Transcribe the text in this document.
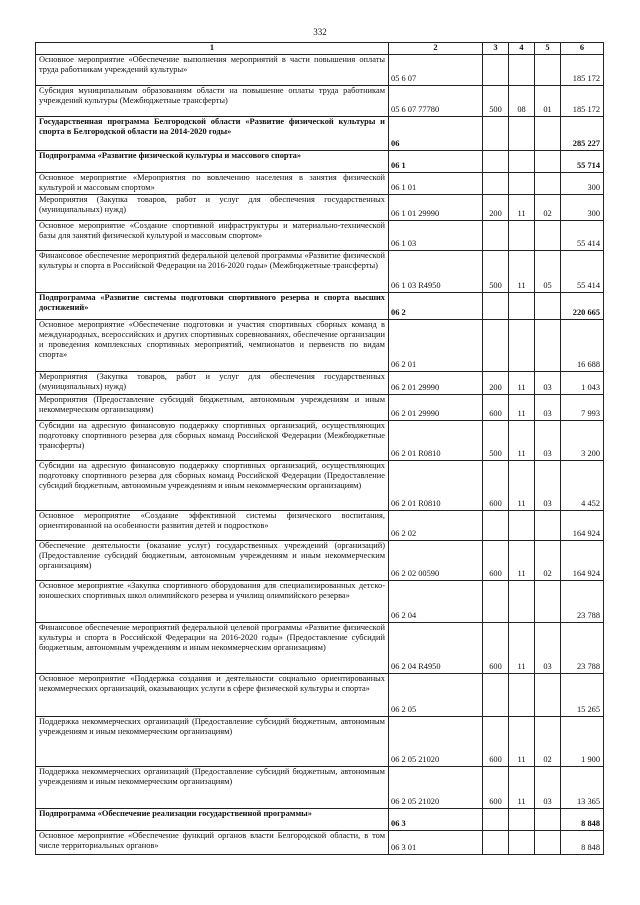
332
1	2	3	4	5	6
Основное мероприятие «Обеспечение выполнения мероприятий в части повышения оплаты труда работникам учреждений культуры»	05 6 07				185 172
Субсидия муниципальным образованиям области на повышение оплаты труда работникам учреждений культуры (Межбюджетные трансферты)	05 6 07 77780	500	08	01	185 172
Государственная программа Белгородской области «Развитие физической культуры и спорта в Белгородской области на 2014-2020 годы»	06				285 227
Подпрограмма «Развитие физической культуры и массового спорта»	06 1				55 714
Основное мероприятие «Мероприятия по вовлечению населения в занятия физической культурой и массовым спортом»	06 1 01				300
Мероприятия (Закупка товаров, работ и услуг для обеспечения государственных (муниципальных) нужд)	06 1 01 29990	200	11	02	300
Основное мероприятие «Создание спортивной инфраструктуры и материально-технической базы для занятий физической культурой и массовым спортом»	06 1 03				55 414
Финансовое обеспечение мероприятий федеральной целевой программы «Развитие физической культуры и спорта в Российской Федерации на 2016-2020 годы» (Межбюджетные трансферты)	06 1 03 R4950	500	11	05	55 414
Подпрограмма «Развитие системы подготовки спортивного резерва и спорта высших достижений»	06 2				220 665
Основное мероприятие «Обеспечение подготовки и участия спортивных сборных команд в международных, всероссийских и других спортивных соревнованиях, обеспечение организации и проведения комплексных спортивных мероприятий, чемпионатов и первенств по видам спорта»	06 2 01				16 688
Мероприятия (Закупка товаров, работ и услуг для обеспечения государственных (муниципальных) нужд)	06 2 01 29990	200	11	03	1 043
Мероприятия (Предоставление субсидий бюджетным, автономным учреждениям и иным некоммерческим организациям)	06 2 01 29990	600	11	03	7 993
Субсидии на адресную финансовую поддержку спортивных организаций, осуществляющих подготовку спортивного резерва для сборных команд Российской Федерации (Межбюджетные трансферты)	06 2 01 R0810	500	11	03	3 200
Субсидии на адресную финансовую поддержку спортивных организаций, осуществляющих подготовку спортивного резерва для сборных команд Российской Федерации (Предоставление субсидий бюджетным, автономным учреждениям и иным некоммерческим организациям)	06 2 01 R0810	600	11	03	4 452
Основное мероприятие «Создание эффективной системы физического воспитания, ориентированной на особенности развития детей и подростков»	06 2 02				164 924
Обеспечение деятельности (оказание услуг) государственных учреждений (организаций) (Предоставление субсидий бюджетным, автономным учреждениям и иным некоммерческим организациям)	06 2 02 00590	600	11	02	164 924
Основное мероприятие «Закупка спортивного оборудования для специализированных детско-юношеских спортивных школ олимпийского резерва и училищ олимпийского резерва»	06 2 04				23 788
Финансовое обеспечение мероприятий федеральной целевой программы «Развитие физической культуры и спорта в Российской Федерации на 2016-2020 годы» (Предоставление субсидий бюджетным, автономным учреждениям и иным некоммерческим организациям)	06 2 04 R4950	600	11	03	23 788
Основное мероприятие «Поддержка создания и деятельности социально ориентированных некоммерческих организаций, оказывающих услуги в сфере физической культуры и спорта»	06 2 05				15 265
Поддержка некоммерческих организаций (Предоставление субсидий бюджетным, автономным учреждениям и иным некоммерческим организациям)	06 2 05 21020	600	11	02	1 900
Поддержка некоммерческих организаций (Предоставление субсидий бюджетным, автономным учреждениям и иным некоммерческим организациям)	06 2 05 21020	600	11	03	13 365
Подпрограмма «Обеспечение реализации государственной программы»	06 3				8 848
Основное мероприятие «Обеспечение функций органов власти Белгородской области, в том числе территориальных органов»	06 3 01				8 848
